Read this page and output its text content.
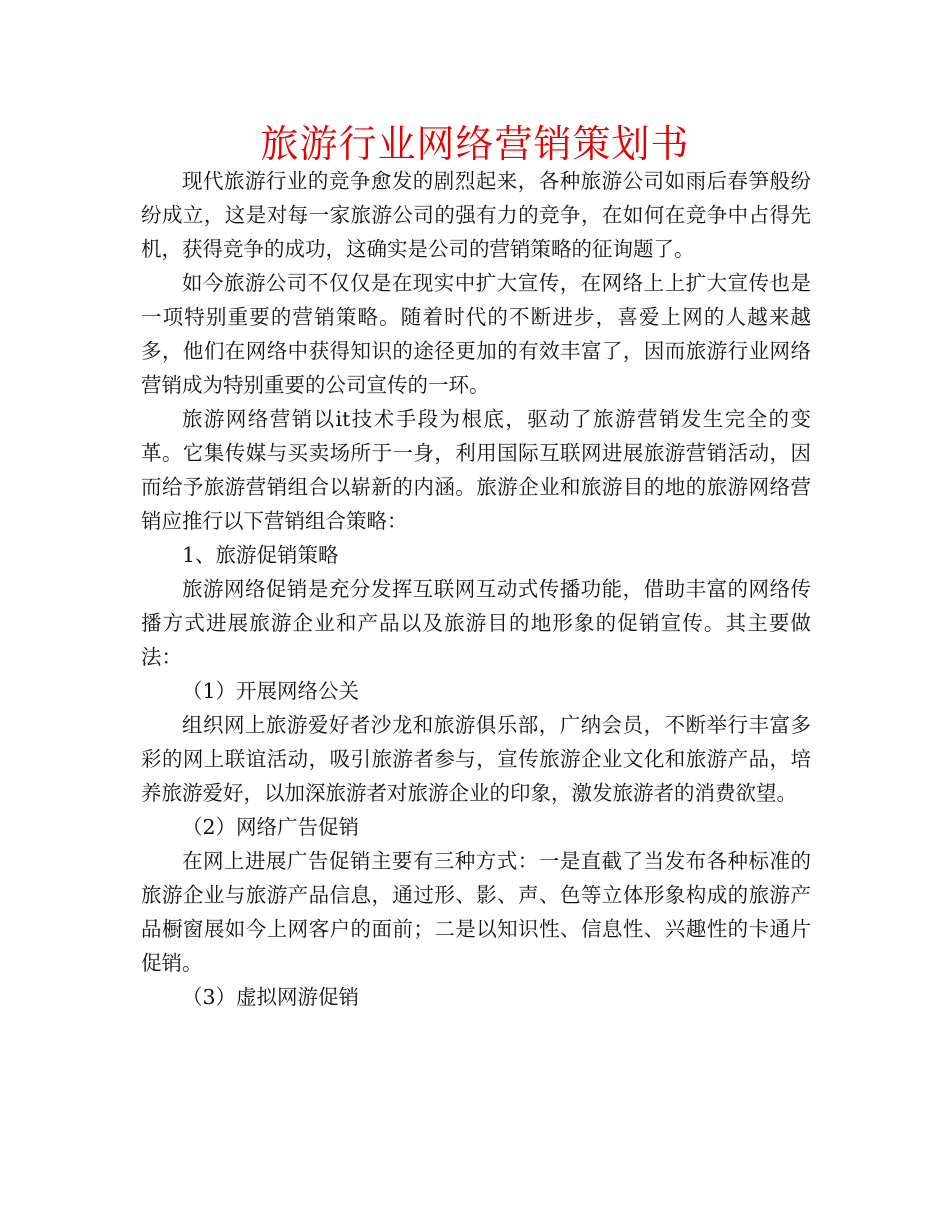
旅游行业网络营销策划书

现代旅游行业的竞争愈发的剧烈起来，各种旅游公司如雨后春笋般纷纷成立，这是对每一家旅游公司的强有力的竞争，在如何在竞争中占得先机，获得竞争的成功，这确实是公司的营销策略的征询题了。

如今旅游公司不仅仅是在现实中扩大宣传，在网络上上扩大宣传也是一项特别重要的营销策略。随着时代的不断进步，喜爱上网的人越来越多，他们在网络中获得知识的途径更加的有效丰富了，因而旅游行业网络营销成为特别重要的公司宣传的一环。

旅游网络营销以it技术手段为根底，驱动了旅游营销发生完全的变革。它集传媒与买卖场所于一身，利用国际互联网进展旅游营销活动，因而给予旅游营销组合以崭新的内涵。旅游企业和旅游目的地的旅游网络营销应推行以下营销组合策略：

1、旅游促销策略

旅游网络促销是充分发挥互联网互动式传播功能，借助丰富的网络传播方式进展旅游企业和产品以及旅游目的地形象的促销宣传。其主要做法：

（1）开展网络公关

组织网上旅游爱好者沙龙和旅游俱乐部，广纳会员，不断举行丰富多彩的网上联谊活动，吸引旅游者参与，宣传旅游企业文化和旅游产品，培养旅游爱好，以加深旅游者对旅游企业的印象，激发旅游者的消费欲望。

（2）网络广告促销

在网上进展广告促销主要有三种方式：一是直截了当发布各种标准的旅游企业与旅游产品信息，通过形、影、声、色等立体形象构成的旅游产品橱窗展如今上网客户的面前；二是以知识性、信息性、兴趣性的卡通片促销。

（3）虚拟网游促销
